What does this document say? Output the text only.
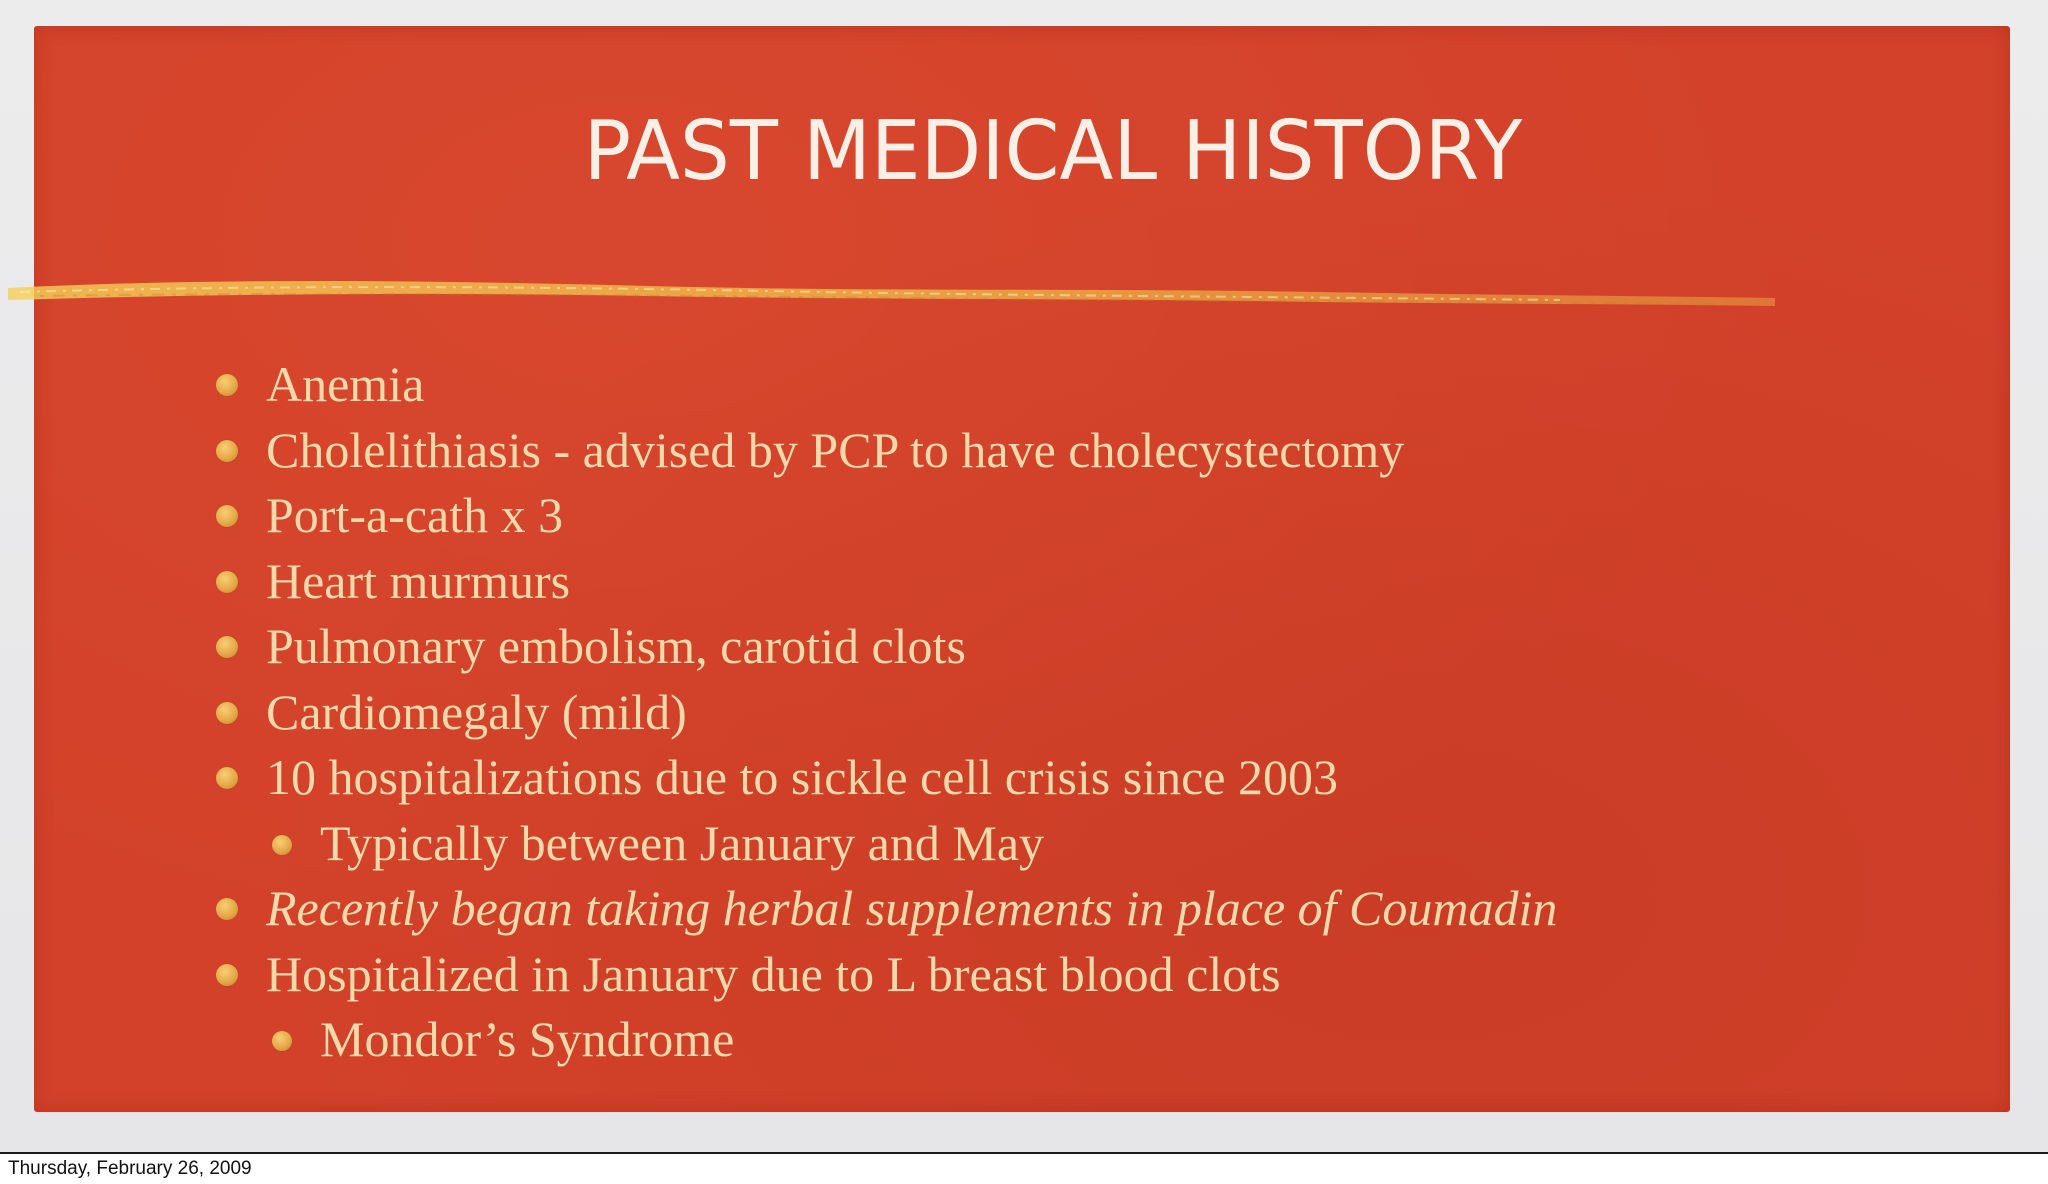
PAST MEDICAL HISTORY
Anemia
Cholelithiasis - advised by PCP to have cholecystectomy
Port-a-cath x 3
Heart murmurs
Pulmonary embolism, carotid clots
Cardiomegaly (mild)
10 hospitalizations due to sickle cell crisis since 2003
Typically between January and May
Recently began taking herbal supplements in place of Coumadin
Hospitalized in January due to L breast blood clots
Mondor’s Syndrome
Thursday, February 26, 2009
